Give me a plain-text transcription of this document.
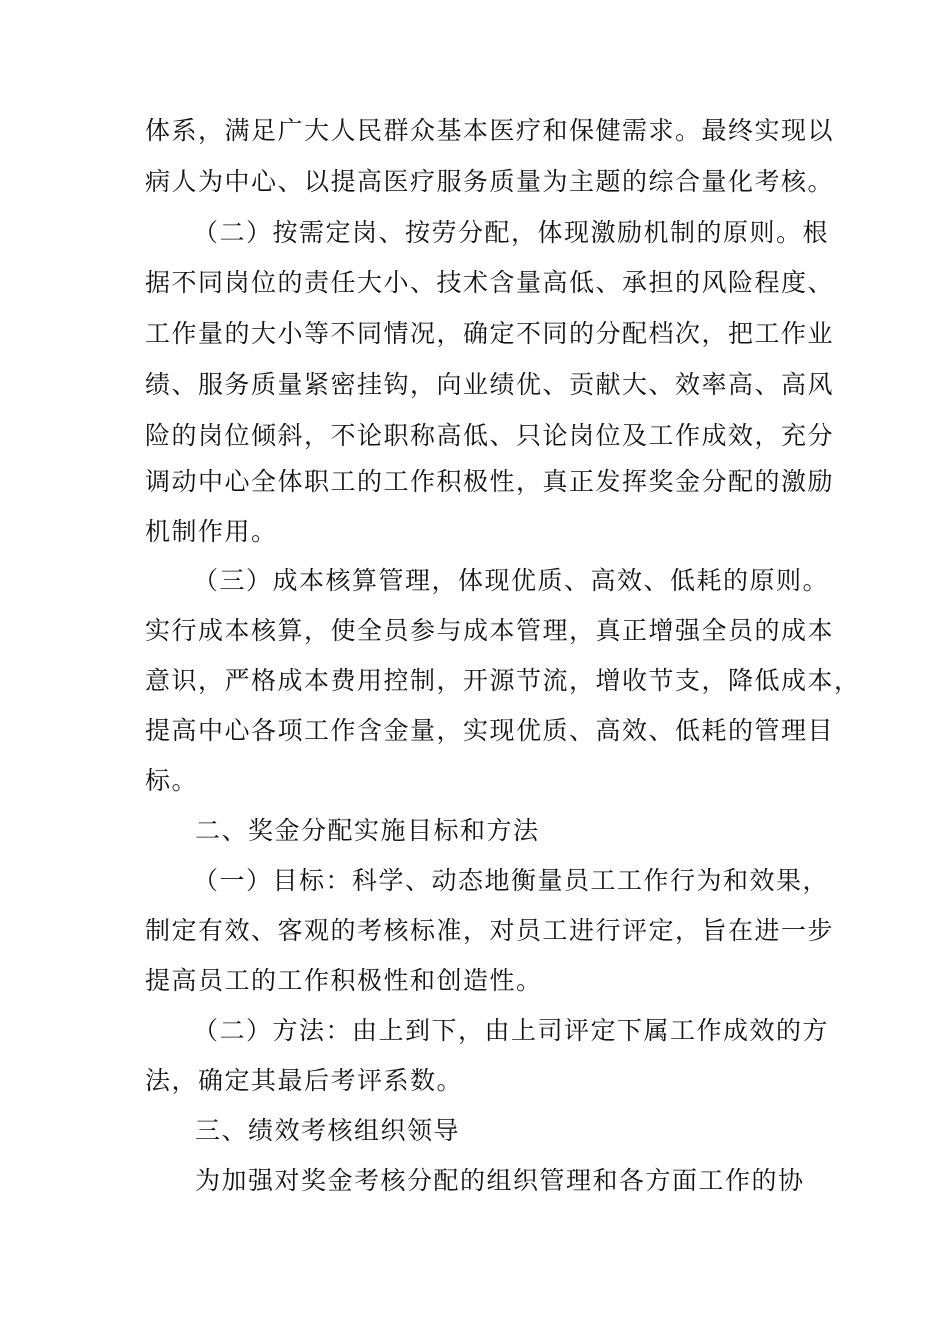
体系，满足广大人民群众基本医疗和保健需求。最终实现以
病人为中心、以提高医疗服务质量为主题的综合量化考核。
（二）按需定岗、按劳分配，体现激励机制的原则。根
据不同岗位的责任大小、技术含量高低、承担的风险程度、
工作量的大小等不同情况，确定不同的分配档次，把工作业
绩、服务质量紧密挂钩，向业绩优、贡献大、效率高、高风
险的岗位倾斜，不论职称高低、只论岗位及工作成效，充分
调动中心全体职工的工作积极性，真正发挥奖金分配的激励
机制作用。
（三）成本核算管理，体现优质、高效、低耗的原则。
实行成本核算，使全员参与成本管理，真正增强全员的成本
意识，严格成本费用控制，开源节流，增收节支，降低成本，
提高中心各项工作含金量，实现优质、高效、低耗的管理目
标。
二、奖金分配实施目标和方法
（一）目标：科学、动态地衡量员工工作行为和效果，
制定有效、客观的考核标准，对员工进行评定，旨在进一步
提高员工的工作积极性和创造性。
（二）方法：由上到下，由上司评定下属工作成效的方
法，确定其最后考评系数。
三、绩效考核组织领导
为加强对奖金考核分配的组织管理和各方面工作的协
